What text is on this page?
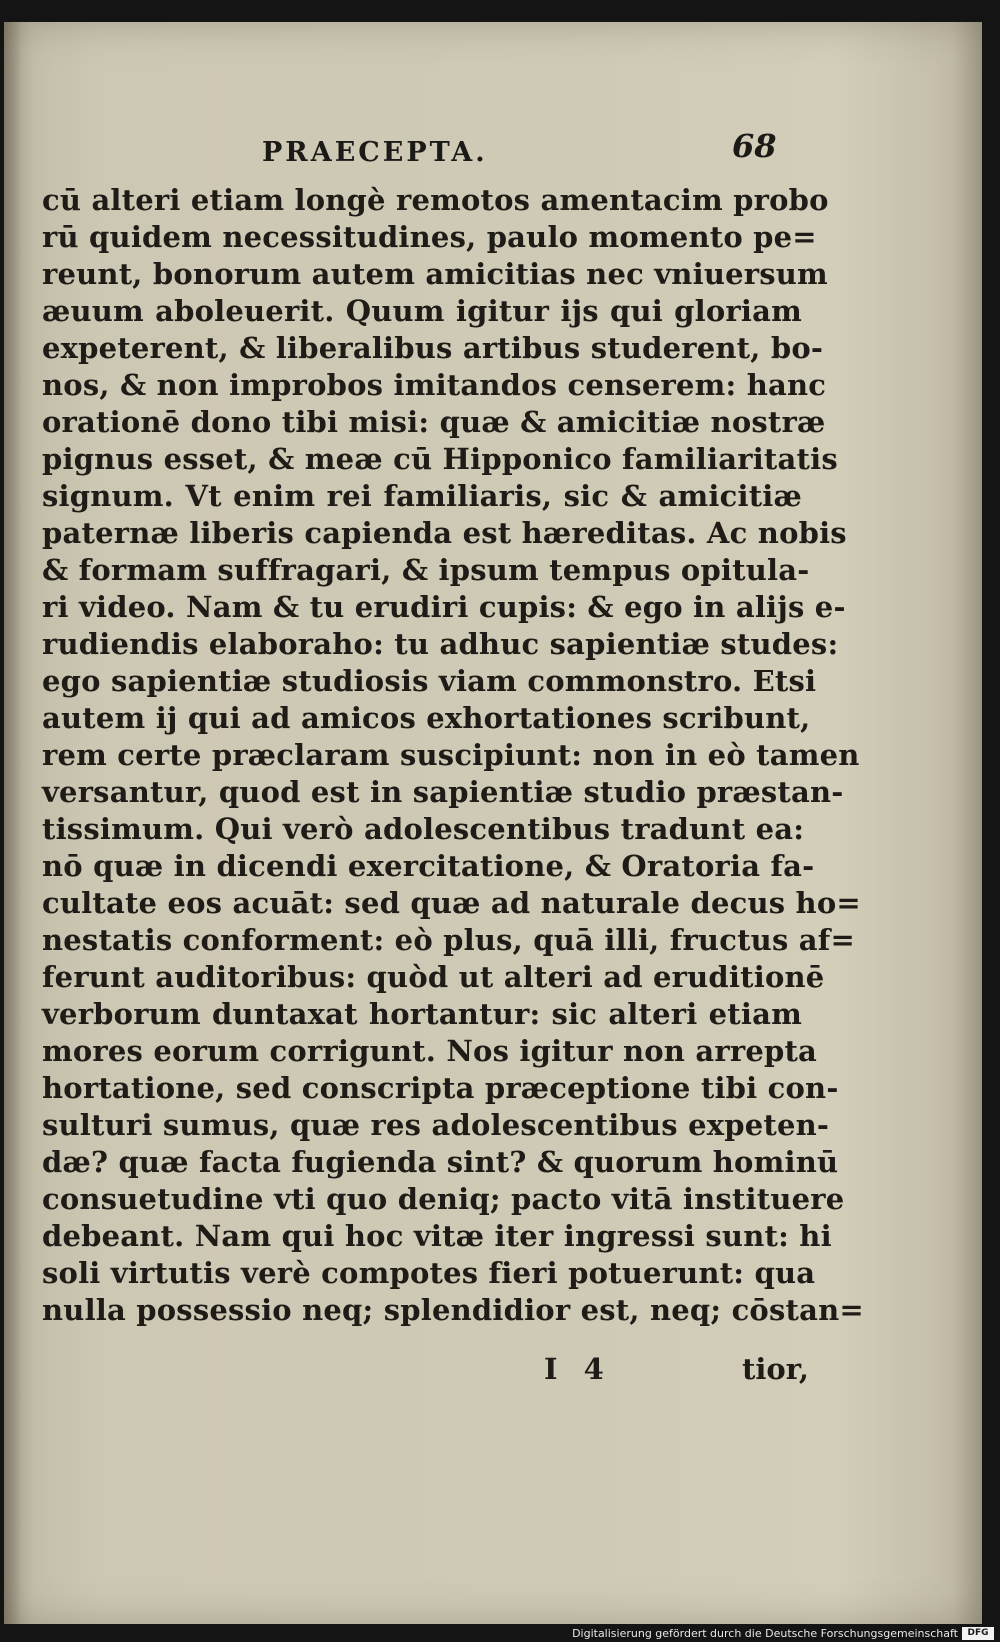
PRAECEPTA.	68
cū alteri etiam longè remotos amentacim probo
rū quidem necessitudines, paulo momento pe=
reunt, bonorum autem amicitias nec vniuersum
æuum aboleuerit. Quum igitur ijs qui gloriam
expeterent, & liberalibus artibus studerent, bo-
nos, & non improbos imitandos censerem: hanc
orationē dono tibi misi: quæ & amicitiæ nostræ
pignus esset, & meæ cū Hipponico familiaritatis
signum. Vt enim rei familiaris, sic & amicitiæ
paternæ liberis capienda est hæreditas. Ac nobis
& formam suffragari, & ipsum tempus opitula-
ri video. Nam & tu erudiri cupis: & ego in alijs e-
rudiendis elaboraho: tu adhuc sapientiæ studes:
ego sapientiæ studiosis viam commonstro. Etsi
autem ij qui ad amicos exhortationes scribunt,
rem certe præclaram suscipiunt: non in eò tamen
versantur, quod est in sapientiæ studio præstan-
tissimum. Qui verò adolescentibus tradunt ea:
nō quæ in dicendi exercitatione, & Oratoria fa-
cultate eos acuāt: sed quæ ad naturale decus ho=
nestatis conforment: eò plus, quā illi, fructus af=
ferunt auditoribus: quòd ut alteri ad eruditionē
verborum duntaxat hortantur: sic alteri etiam
mores eorum corrigunt. Nos igitur non arrepta
hortatione, sed conscripta præceptione tibi con-
sulturi sumus, quæ res adolescentibus expeten-
dæ? quæ facta fugienda sint? & quorum hominū
consuetudine vti quo deniq; pacto vitā instituere
debeant. Nam qui hoc vitæ iter ingressi sunt: hi
soli virtutis verè compotes fieri potuerunt: qua
nulla possessio neq; splendidior est, neq; cōstan=
I 4	tior,
Digitalisierung gefördert durch die Deutsche Forschungsgemeinschaft	DFG
